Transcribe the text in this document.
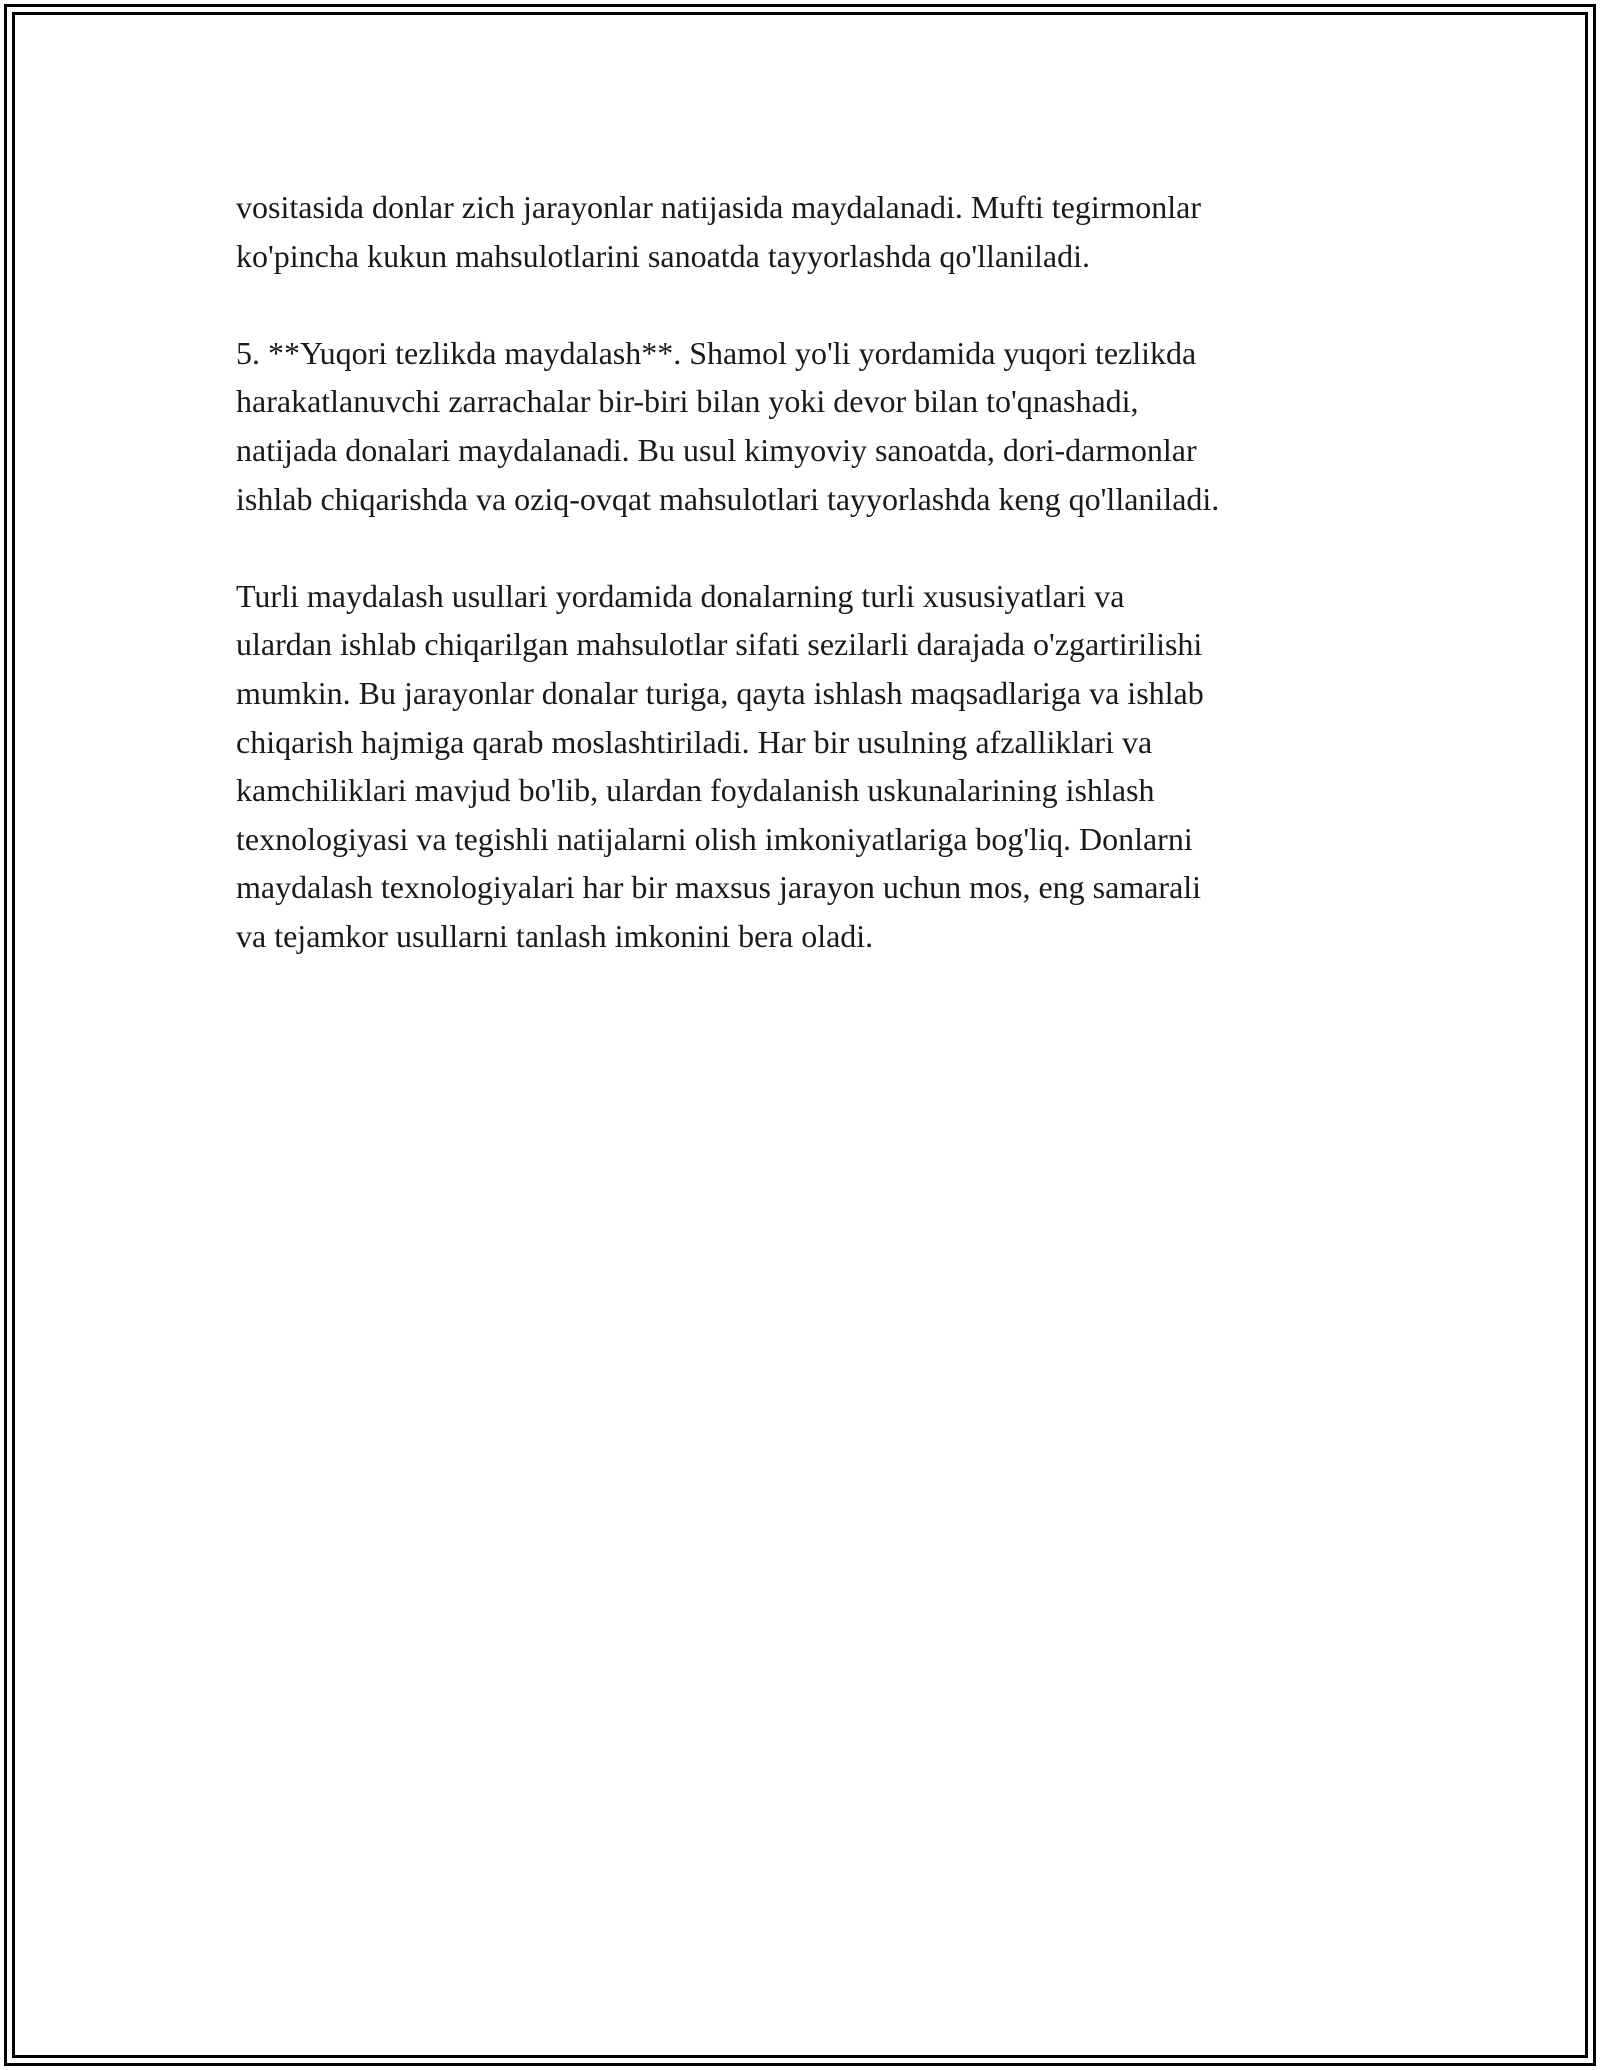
vositasida donlar zich jarayonlar natijasida maydalanadi. Mufti tegirmonlar
ko'pincha kukun mahsulotlarini sanoatda tayyorlashda qo'llaniladi.

5. **Yuqori tezlikda maydalash**. Shamol yo'li yordamida yuqori tezlikda
harakatlanuvchi zarrachalar bir-biri bilan yoki devor bilan to'qnashadi,
natijada donalari maydalanadi. Bu usul kimyoviy sanoatda, dori-darmonlar
ishlab chiqarishda va oziq-ovqat mahsulotlari tayyorlashda keng qo'llaniladi.

Turli maydalash usullari yordamida donalarning turli xususiyatlari va
ulardan ishlab chiqarilgan mahsulotlar sifati sezilarli darajada o'zgartirilishi
mumkin. Bu jarayonlar donalar turiga, qayta ishlash maqsadlariga va ishlab
chiqarish hajmiga qarab moslashtiriladi. Har bir usulning afzalliklari va
kamchiliklari mavjud bo'lib, ulardan foydalanish uskunalarining ishlash
texnologiyasi va tegishli natijalarni olish imkoniyatlariga bog'liq. Donlarni
maydalash texnologiyalari har bir maxsus jarayon uchun mos, eng samarali
va tejamkor usullarni tanlash imkonini bera oladi.
